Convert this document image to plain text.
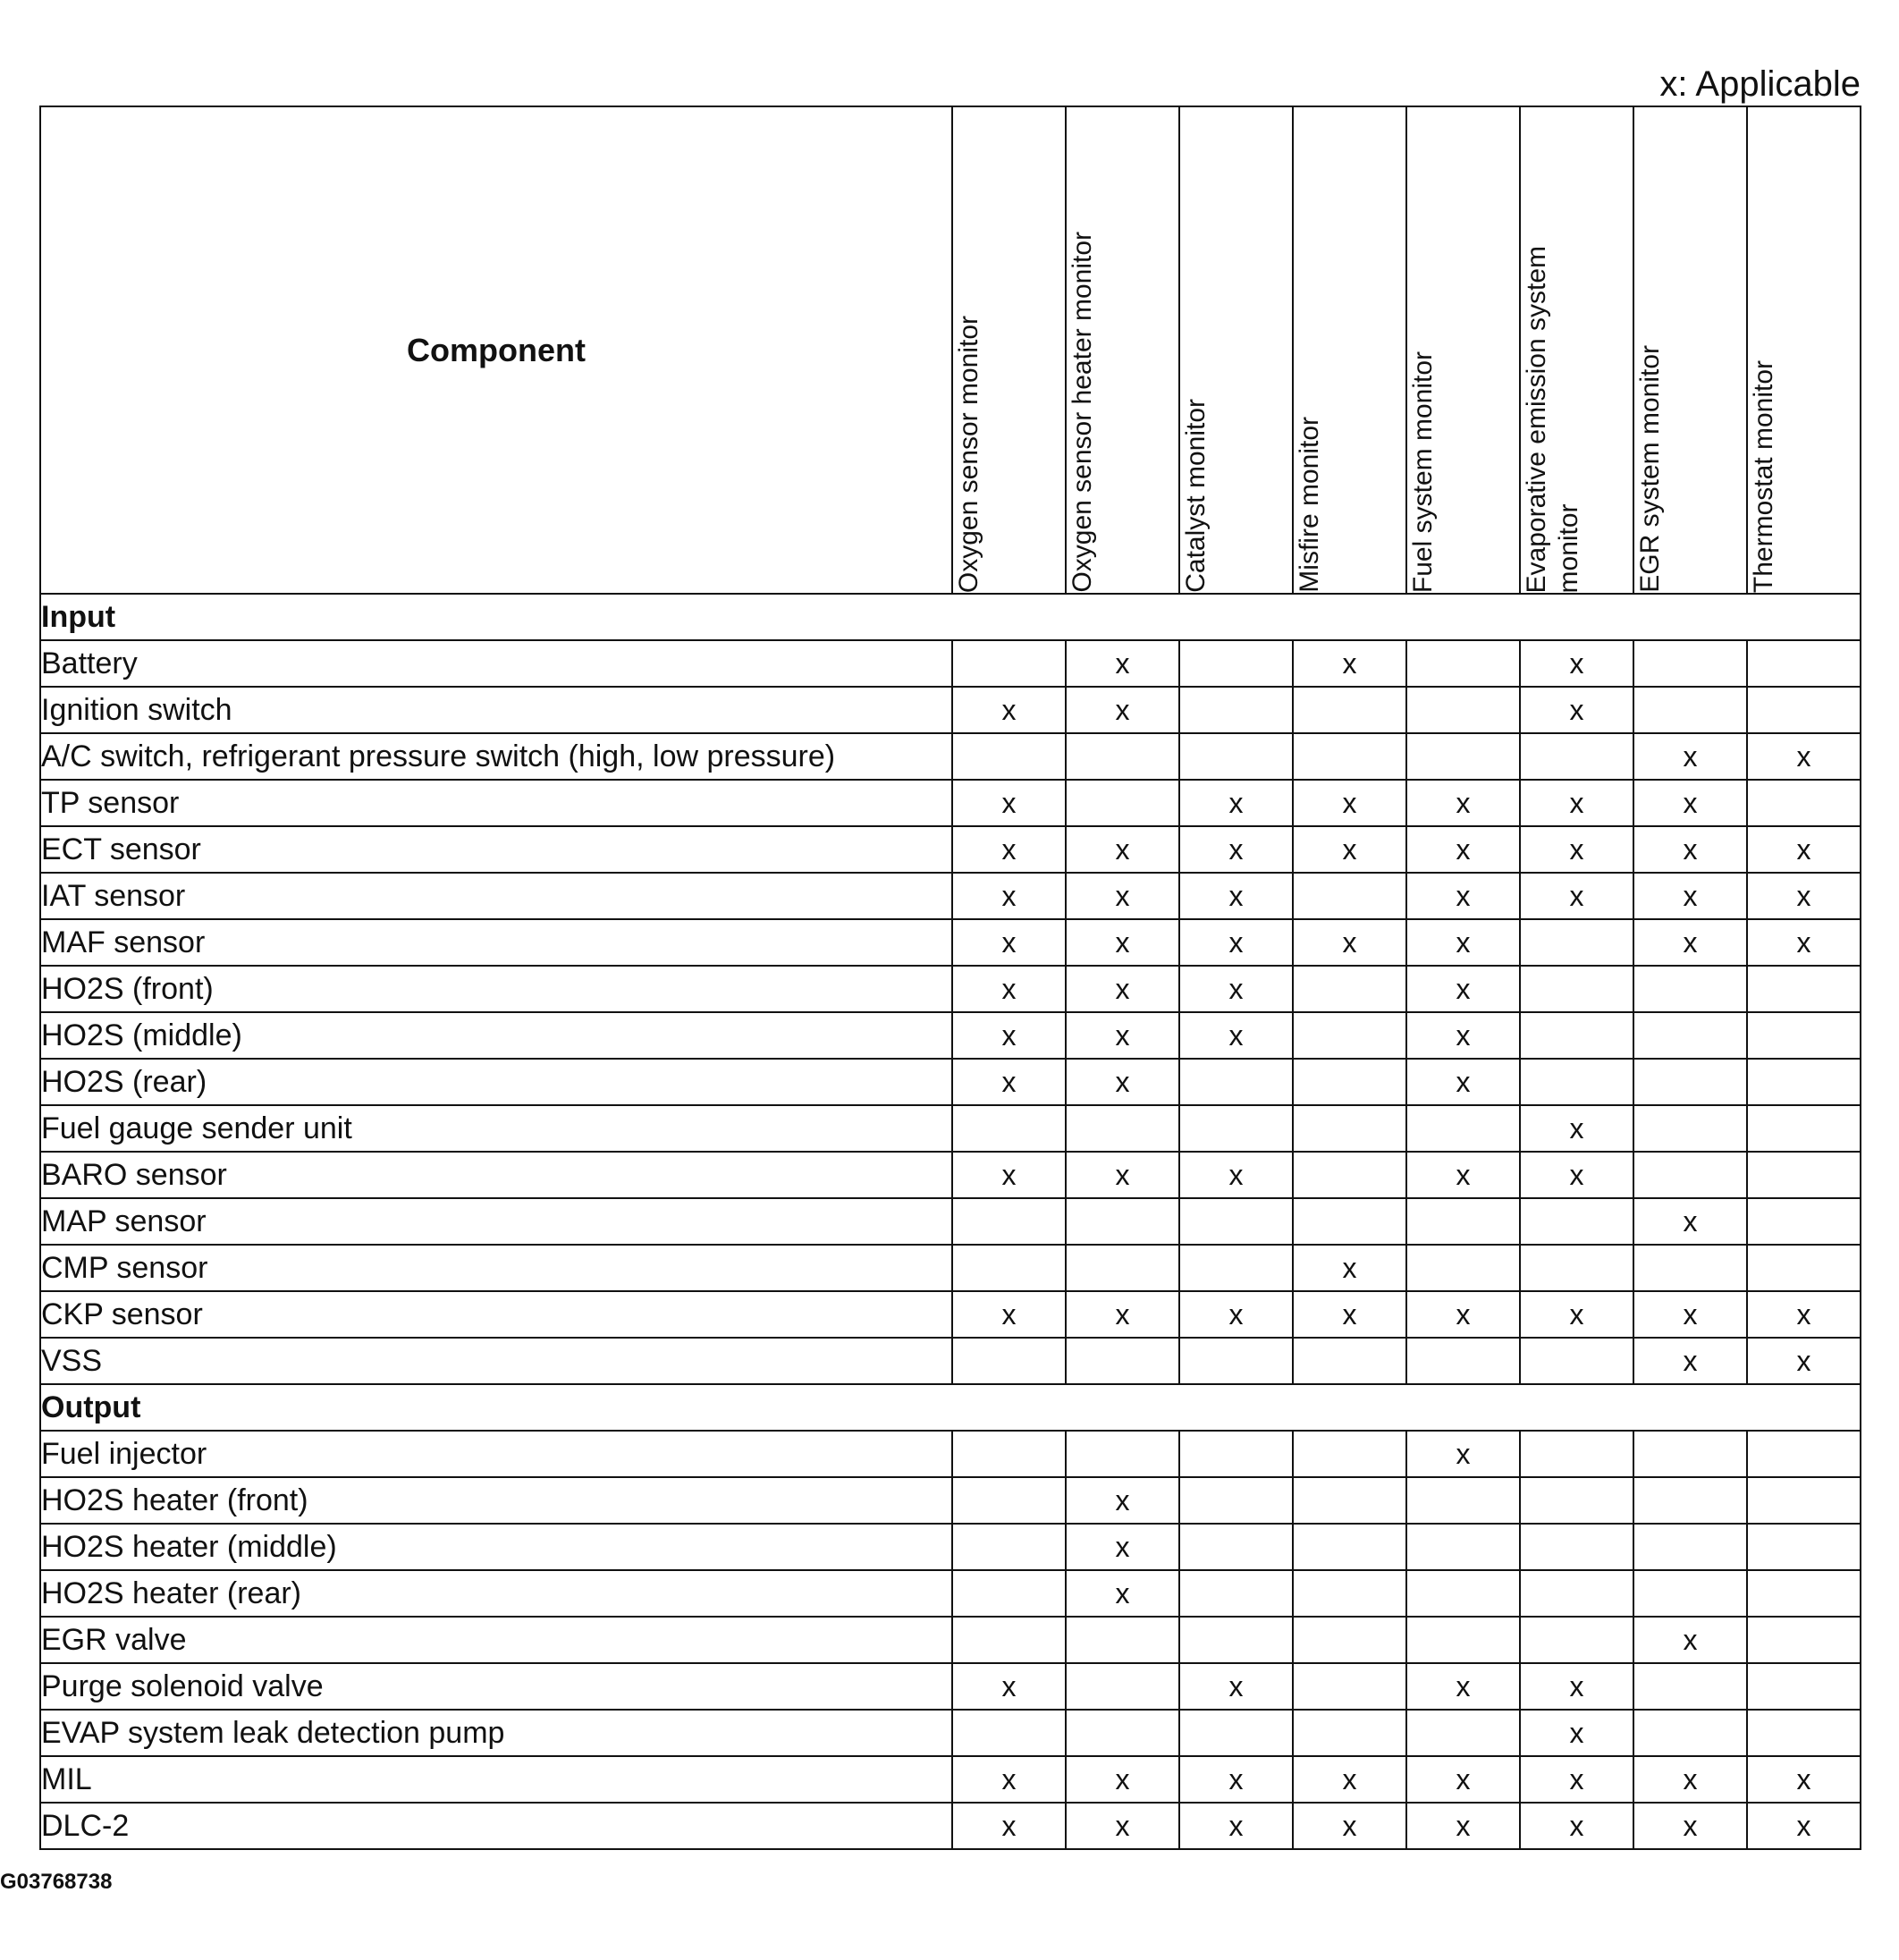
x: Applicable
Component	Oxygen sensor monitor	Oxygen sensor heater monitor	Catalyst monitor	Misfire monitor	Fuel system monitor	Evaporative emission system
monitor	EGR system monitor	Thermostat monitor

Input								
Battery		x		x		x		
Ignition switch	x	x				x		
A/C switch, refrigerant pressure switch (high, low pressure)							x	x
TP sensor	x		x	x	x	x	x	
ECT sensor	x	x	x	x	x	x	x	x
IAT sensor	x	x	x		x	x	x	x
MAF sensor	x	x	x	x	x		x	x
HO2S (front)	x	x	x		x			
HO2S (middle)	x	x	x		x			
HO2S (rear)	x	x			x			
Fuel gauge sender unit						x		
BARO sensor	x	x	x		x	x		
MAP sensor							x	
CMP sensor				x				
CKP sensor	x	x	x	x	x	x	x	x
VSS							x	x
Output								
Fuel injector					x			
HO2S heater (front)		x						
HO2S heater (middle)		x						
HO2S heater (rear)		x						
EGR valve							x	
Purge solenoid valve	x		x		x	x		
EVAP system leak detection pump						x		
MIL	x	x	x	x	x	x	x	x
DLC-2	x	x	x	x	x	x	x	x
G03768738
